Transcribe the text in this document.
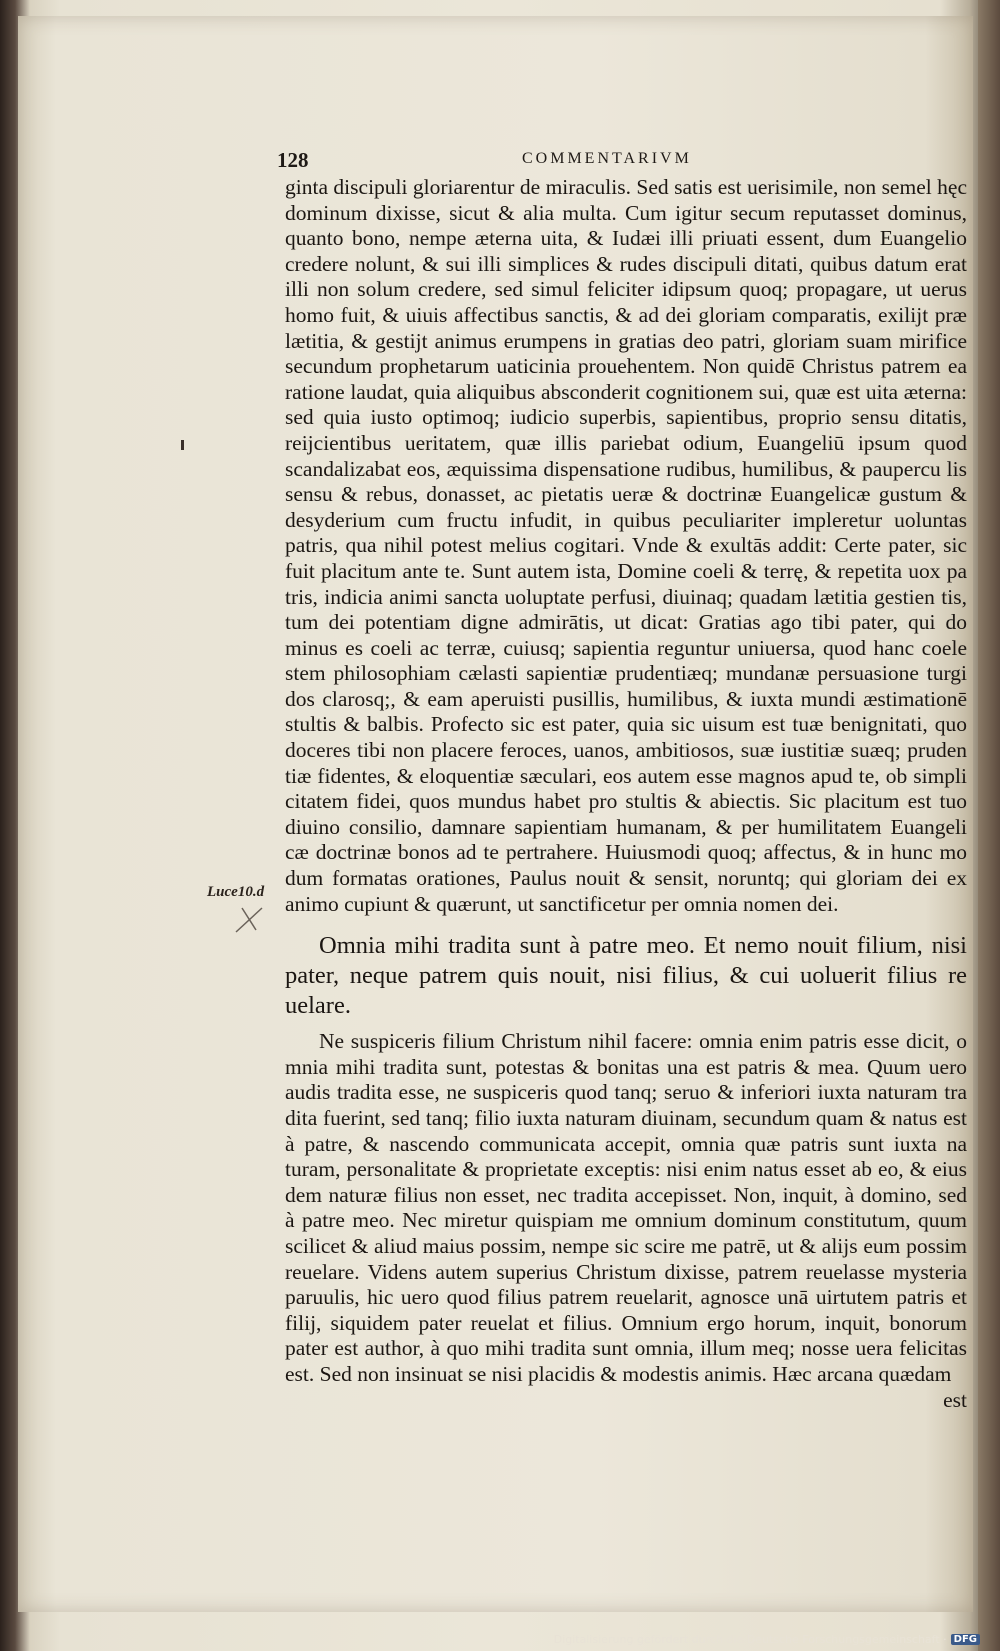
128	COMMENTARIVM
Luce10.d

ginta discipuli gloriarentur de miraculis. Sed satis est uerisimile, non semel hęc dominum dixisse, sicut & alia multa. Cum igitur secum reputasset dominus, quanto bono, nempe æterna uita, & Iudæi illi priuati essent, dum Euangelio credere nolunt, & sui illi simplices & rudes discipuli ditati, quibus datum erat illi non solum credere, sed simul feliciter idipsum quoq; propagare, ut uerus homo fuit, & uiuis affectibus sanctis, & ad dei gloriam comparatis, exilijt præ lætitia, & gestijt animus erumpens in gratias deo patri, gloriam suam mirifice secundum prophetarum uaticinia prouehentem. Non quidē Christus patrem ea ratione laudat, quia aliquibus absconderit cognitionem sui, quæ est uita æterna: sed quia iusto optimoq; iudicio superbis, sapientibus, proprio sensu ditatis, reijcientibus ueritatem, quæ illis pariebat odium, Euangeliū ipsum quod scandalizabat eos, æquissima dispensatione rudibus, humilibus, & paupercu lis sensu & rebus, donasset, ac pietatis ueræ & doctrinæ Euangelicæ gustum & desyderium cum fructu infudit, in quibus peculiariter impleretur uoluntas patris, qua nihil potest melius cogitari. Vnde & exultās addit: Certe pater, sic fuit placitum ante te. Sunt autem ista, Domine coeli & terrę, & repetita uox pa tris, indicia animi sancta uoluptate perfusi, diuinaq; quadam lætitia gestien tis, tum dei potentiam digne admirātis, ut dicat: Gratias ago tibi pater, qui do minus es coeli ac terræ, cuiusq; sapientia reguntur uniuersa, quod hanc coele stem philosophiam cælasti sapientiæ prudentiæq; mundanæ persuasione turgi dos clarosq;, & eam aperuisti pusillis, humilibus, & iuxta mundi æstimationē stultis & balbis. Profecto sic est pater, quia sic uisum est tuæ benignitati, quo doceres tibi non placere feroces, uanos, ambitiosos, suæ iustitiæ suæq; pruden tiæ fidentes, & eloquentiæ sæculari, eos autem esse magnos apud te, ob simpli citatem fidei, quos mundus habet pro stultis & abiectis. Sic placitum est tuo diuino consilio, damnare sapientiam humanam, & per humilitatem Euangeli cæ doctrinæ bonos ad te pertrahere. Huiusmodi quoq; affectus, & in hunc mo dum formatas orationes, Paulus nouit & sensit, noruntq; qui gloriam dei ex animo cupiunt & quærunt, ut sanctificetur per omnia nomen dei.

Omnia mihi tradita sunt à patre meo. Et nemo nouit filium, nisi pater, neque patrem quis nouit, nisi filius, & cui uoluerit filius re uelare.

Ne suspiceris filium Christum nihil facere: omnia enim patris esse dicit, o mnia mihi tradita sunt, potestas & bonitas una est patris & mea. Quum uero audis tradita esse, ne suspiceris quod tanq; seruo & inferiori iuxta naturam tra dita fuerint, sed tanq; filio iuxta naturam diuinam, secundum quam & natus est à patre, & nascendo communicata accepit, omnia quæ patris sunt iuxta na turam, personalitate & proprietate exceptis: nisi enim natus esset ab eo, & eius dem naturæ filius non esset, nec tradita accepisset. Non, inquit, à domino, sed à patre meo. Nec miretur quispiam me omnium dominum constitutum, quum scilicet & aliud maius possim, nempe sic scire me patrē, ut & alijs eum possim reuelare. Videns autem superius Christum dixisse, patrem reuelasse mysteria paruulis, hic uero quod filius patrem reuelarit, agnosce unā uirtutem patris et filij, siquidem pater reuelat et filius. Omnium ergo horum, inquit, bonorum pater est author, à quo mihi tradita sunt omnia, illum meq; nosse uera felicitas est. Sed non insinuat se nisi placidis & modestis animis. Hæc arcana quædam

est

Digitalisierung gefördert durch die Deutsche Forschungsgemeinschaft · DFG
